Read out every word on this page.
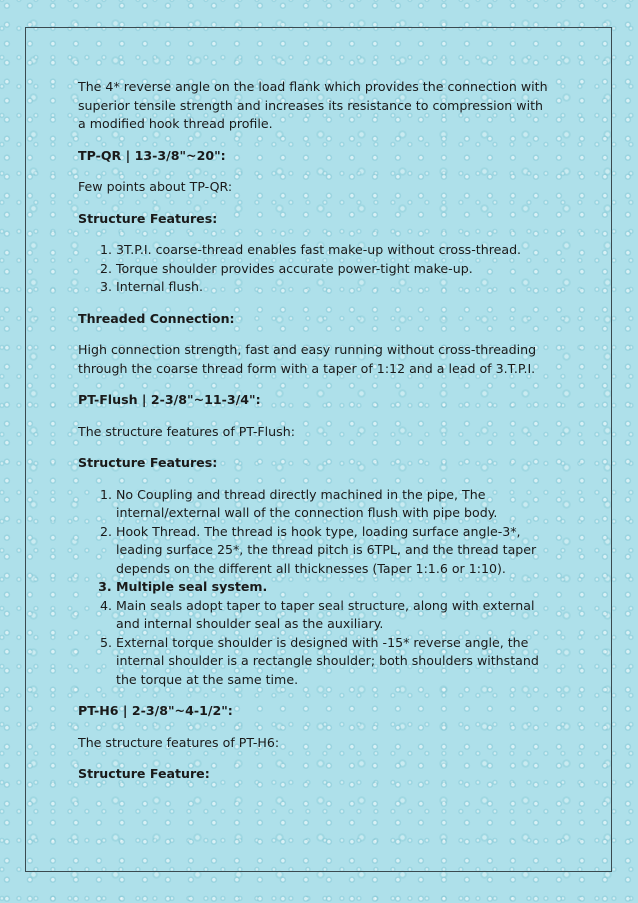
The 4* reverse angle on the load flank which provides the connection with superior tensile strength and increases its resistance to compression with a modified hook thread profile.

TP-QR | 13-3/8"~20":

Few points about TP-QR:

Structure Features:

1. 3T.P.I. coarse-thread enables fast make-up without cross-thread.
2. Torque shoulder provides accurate power-tight make-up.
3. Internal flush.

Threaded Connection:

High connection strength, fast and easy running without cross-threading through the coarse thread form with a taper of 1:12 and a lead of 3.T.P.I.

PT-Flush | 2-3/8"~11-3/4":

The structure features of PT-Flush:

Structure Features:

1. No Coupling and thread directly machined in the pipe, The internal/external wall of the connection flush with pipe body.
2. Hook Thread. The thread is hook type, loading surface angle-3*, leading surface 25*, the thread pitch is 6TPL, and the thread taper depends on the different all thicknesses (Taper 1:1.6 or 1:10).
3. Multiple seal system.
4. Main seals adopt taper to taper seal structure, along with external and internal shoulder seal as the auxiliary.
5. External torque shoulder is designed with -15* reverse angle, the internal shoulder is a rectangle shoulder; both shoulders withstand the torque at the same time.

PT-H6 | 2-3/8"~4-1/2":

The structure features of PT-H6:

Structure Feature:
